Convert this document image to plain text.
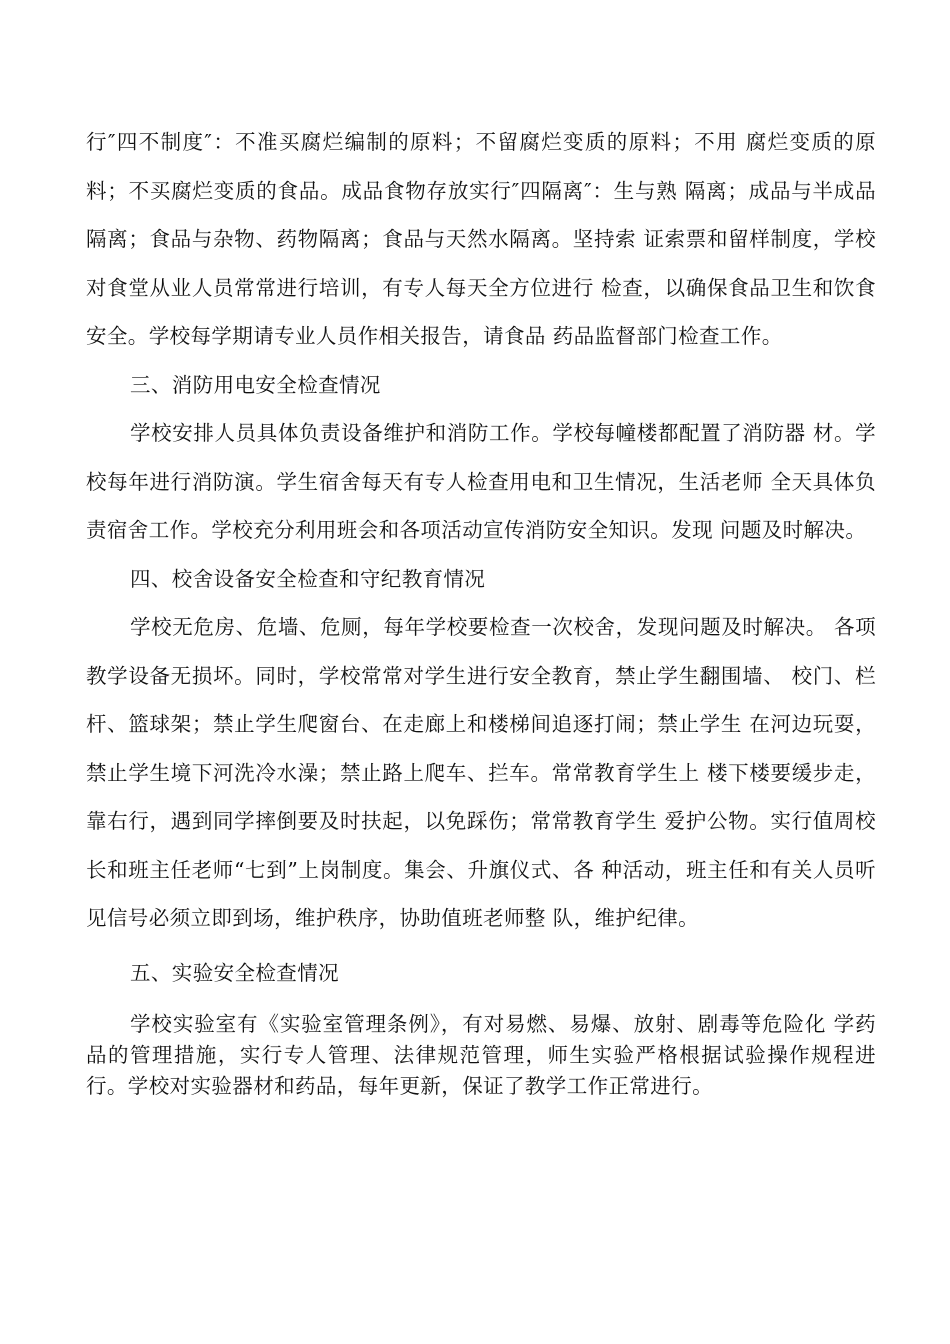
行″四不制度″：不准买腐烂编制的原料；不留腐烂变质的原料；不用 腐烂变质的原料；不买腐烂变质的食品。成品食物存放实行″四隔离″：生与熟 隔离；成品与半成品隔离；食品与杂物、药物隔离；食品与天然水隔离。坚持索 证索票和留样制度，学校对食堂从业人员常常进行培训，有专人每天全方位进行 检查，以确保食品卫生和饮食安全。学校每学期请专业人员作相关报告，请食品 药品监督部门检查工作。

三、消防用电安全检查情况

学校安排人员具体负责设备维护和消防工作。学校每幢楼都配置了消防器 材。学校每年进行消防演。学生宿舍每天有专人检查用电和卫生情况，生活老师 全天具体负责宿舍工作。学校充分利用班会和各项活动宣传消防安全知识。发现 问题及时解决。

四、校舍设备安全检查和守纪教育情况

学校无危房、危墙、危厕，每年学校要检查一次校舍，发现问题及时解决。 各项教学设备无损坏。同时，学校常常对学生进行安全教育，禁止学生翻围墙、 校门、栏杆、篮球架；禁止学生爬窗台、在走廊上和楼梯间追逐打闹；禁止学生 在河边玩耍，禁止学生境下河洗冷水澡；禁止路上爬车、拦车。常常教育学生上 楼下楼要缓步走，靠右行，遇到同学摔倒要及时扶起，以免踩伤；常常教育学生 爱护公物。实行值周校长和班主任老师“七到”上岗制度。集会、升旗仪式、各 种活动，班主任和有关人员听见信号必须立即到场，维护秩序，协助值班老师整 队，维护纪律。

五、实验安全检查情况

学校实验室有《实验室管理条例》，有对易燃、易爆、放射、剧毒等危险化 学药品的管理措施，实行专人管理、法律规范管理，师生实验严格根据试验操作规程进行。学校对实验器材和药品，每年更新，保证了教学工作正常进行。
